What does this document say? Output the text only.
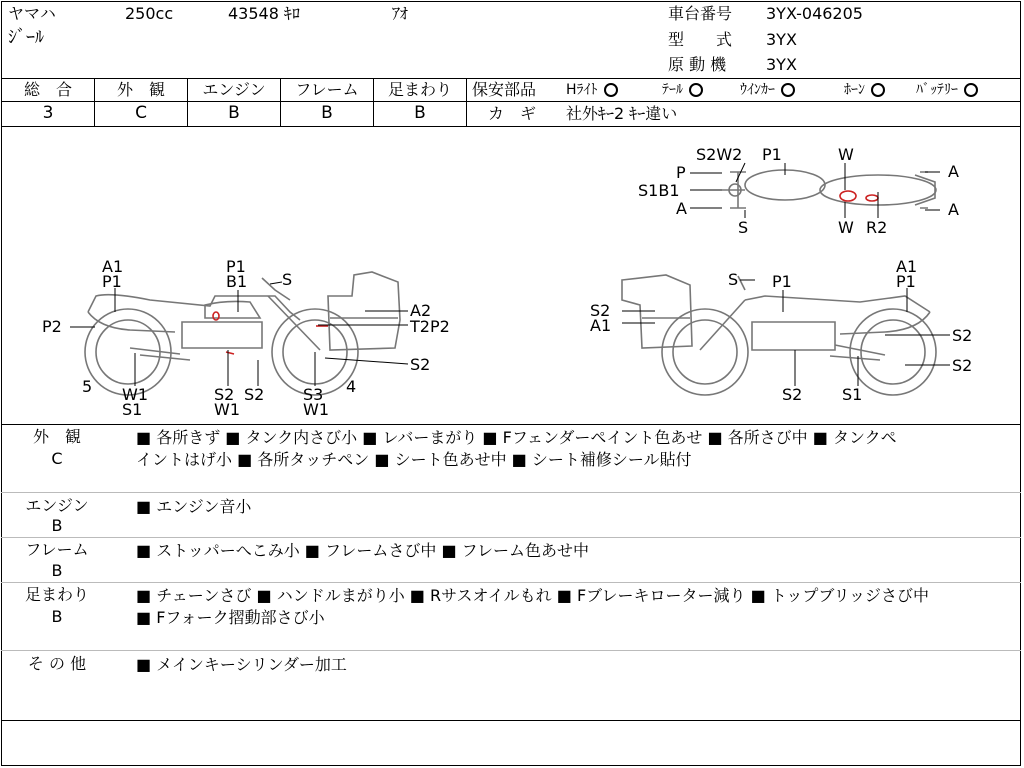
ヤマハ	250cc	43548 ｷﾛ	ｱｵ
ｼﾞｰﾙ
車台番号 3YX-046205
型　　式 3YX
原 動 機 3YX
総　合	外　観	エンジン	フレーム	足まわり
3	C	B	B	B
保安部品 Hﾗｲﾄ	ﾃｰﾙ	ｳｲﾝｶｰ	ﾎｰﾝ	ﾊﾞｯﾃﾘｰ
カ　ギ 社外ｷｰ2 ｷｰ違い
S2W2 P1	W
P
S1B1
A
A
A
S	W R2
A1
P1
P1
B1 S
A2
T2P2
P2
S2
5 W1
S1
S2 S2
W1
S3
W1
4
S P1
A1
P1
S2
A1
S2
S2
S2 S1
外　観
C
■ 各所きず ■ タンク内さび小 ■ レバーまがり ■ Fフェンダーペイント色あせ ■ 各所さび中 ■ タンクペ
イントはげ小 ■ 各所タッチペン ■ シート色あせ中 ■ シート補修シール貼付
エンジン
B
■ エンジン音小
フレーム
B
■ ストッパーへこみ小 ■ フレームさび中 ■ フレーム色あせ中
足まわり
B
■ チェーンさび ■ ハンドルまがり小 ■ Rサスオイルもれ ■ Fブレーキローター減り ■ トップブリッジさび中
■ Fフォーク摺動部さび小
そ の 他	■ メインキーシリンダー加工
